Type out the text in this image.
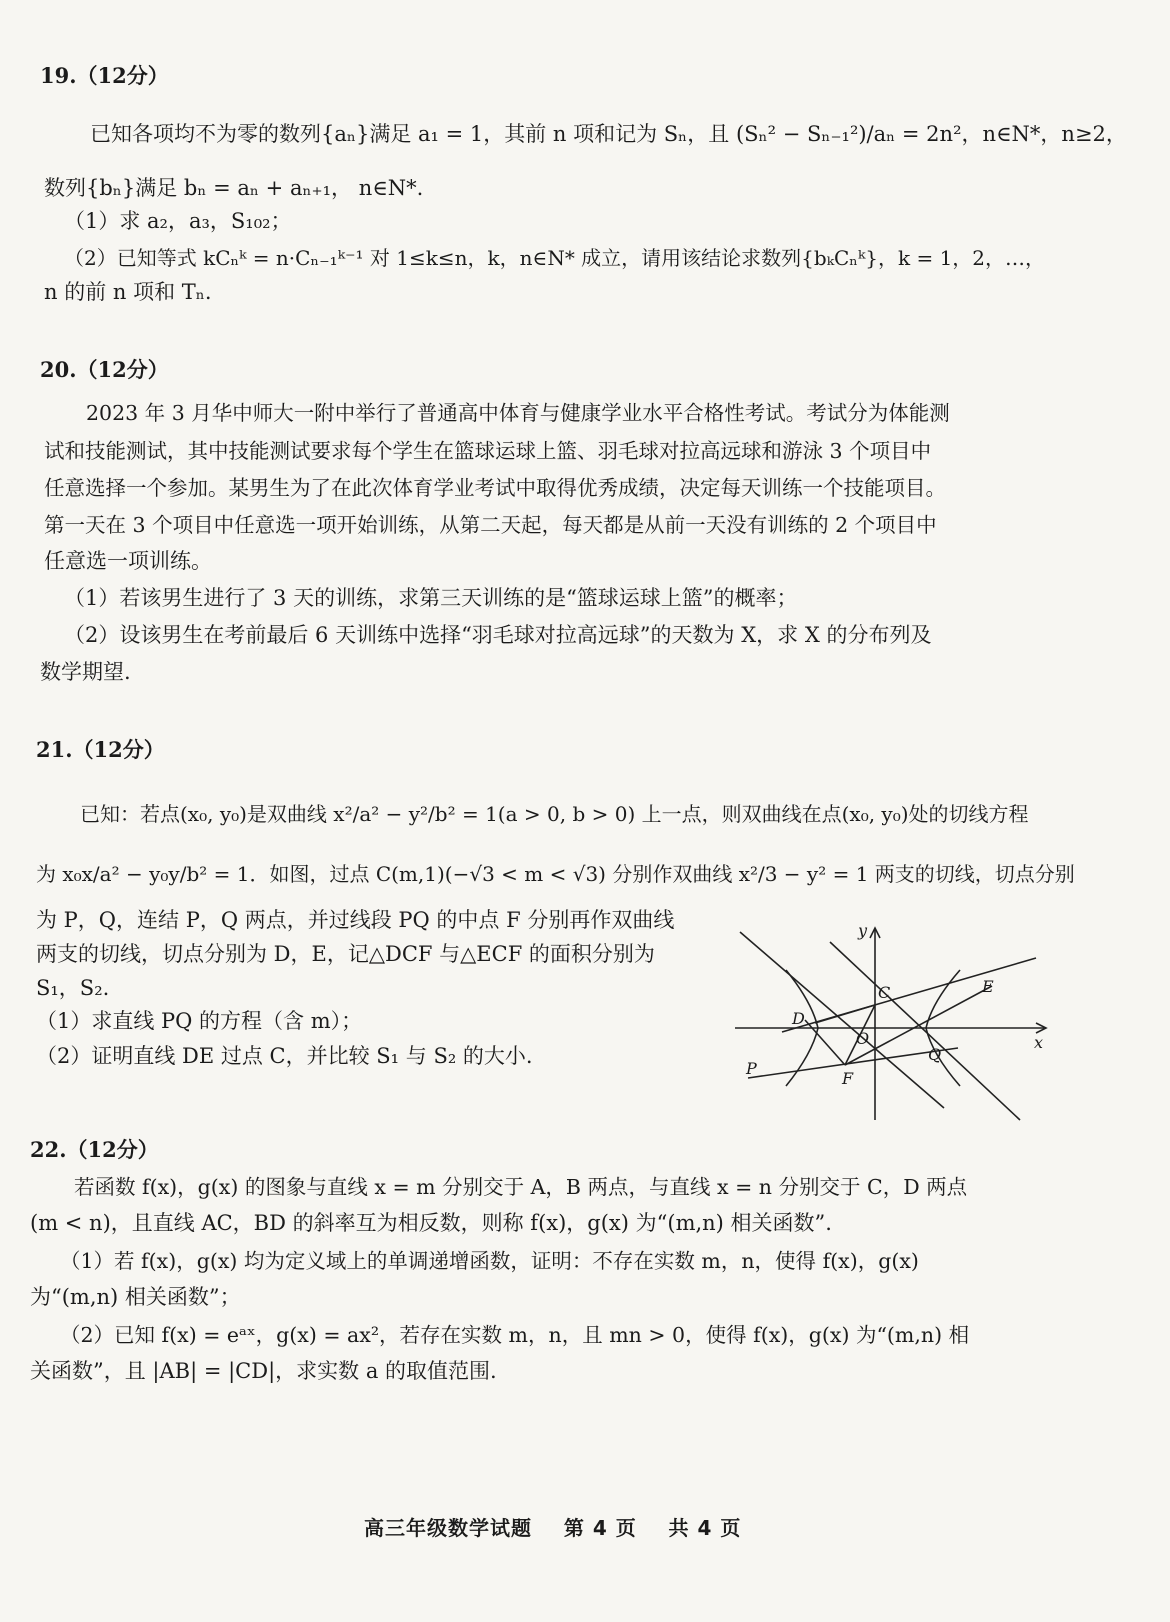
19.（12分）
已知各项均不为零的数列{aₙ}满足 a₁ = 1，其前 n 项和记为 Sₙ，且 (Sₙ² − Sₙ₋₁²)/aₙ = 2n²，n∈N*，n≥2，
数列{bₙ}满足 bₙ = aₙ + aₙ₊₁， n∈N*.
（1）求 a₂，a₃，S₁₀₂；
（2）已知等式 kCₙᵏ = n·Cₙ₋₁ᵏ⁻¹ 对 1≤k≤n，k，n∈N* 成立，请用该结论求数列{bₖCₙᵏ}，k = 1，2，…，
n 的前 n 项和 Tₙ.
20.（12分）
2023 年 3 月华中师大一附中举行了普通高中体育与健康学业水平合格性考试。考试分为体能测
试和技能测试，其中技能测试要求每个学生在篮球运球上篮、羽毛球对拉高远球和游泳 3 个项目中
任意选择一个参加。某男生为了在此次体育学业考试中取得优秀成绩，决定每天训练一个技能项目。
第一天在 3 个项目中任意选一项开始训练，从第二天起，每天都是从前一天没有训练的 2 个项目中
任意选一项训练。
（1）若该男生进行了 3 天的训练，求第三天训练的是“篮球运球上篮”的概率；
（2）设该男生在考前最后 6 天训练中选择“羽毛球对拉高远球”的天数为 X，求 X 的分布列及
数学期望.
21.（12分）
已知：若点(x₀, y₀)是双曲线 x²/a² − y²/b² = 1(a > 0, b > 0) 上一点，则双曲线在点(x₀, y₀)处的切线方程
为 x₀x/a² − y₀y/b² = 1．如图，过点 C(m,1)(−√3 < m < √3) 分别作双曲线 x²/3 − y² = 1 两支的切线，切点分别
为 P，Q，连结 P，Q 两点，并过线段 PQ 的中点 F 分别再作双曲线
两支的切线，切点分别为 D，E，记△DCF 与△ECF 的面积分别为
S₁，S₂.
（1）求直线 PQ 的方程（含 m）；
（2）证明直线 DE 过点 C，并比较 S₁ 与 S₂ 的大小.
y
x
C
D
E
O
F
Q
P
22.（12分）
若函数 f(x)，g(x) 的图象与直线 x = m 分别交于 A，B 两点，与直线 x = n 分别交于 C，D 两点
(m < n)，且直线 AC，BD 的斜率互为相反数，则称 f(x)，g(x) 为“(m,n) 相关函数”.
（1）若 f(x)，g(x) 均为定义域上的单调递增函数，证明：不存在实数 m，n，使得 f(x)，g(x)
为“(m,n) 相关函数”；
（2）已知 f(x) = eᵃˣ，g(x) = ax²，若存在实数 m，n，且 mn > 0，使得 f(x)，g(x) 为“(m,n) 相
关函数”，且 |AB| = |CD|，求实数 a 的取值范围.
高三年级数学试题    第 4 页    共 4 页
